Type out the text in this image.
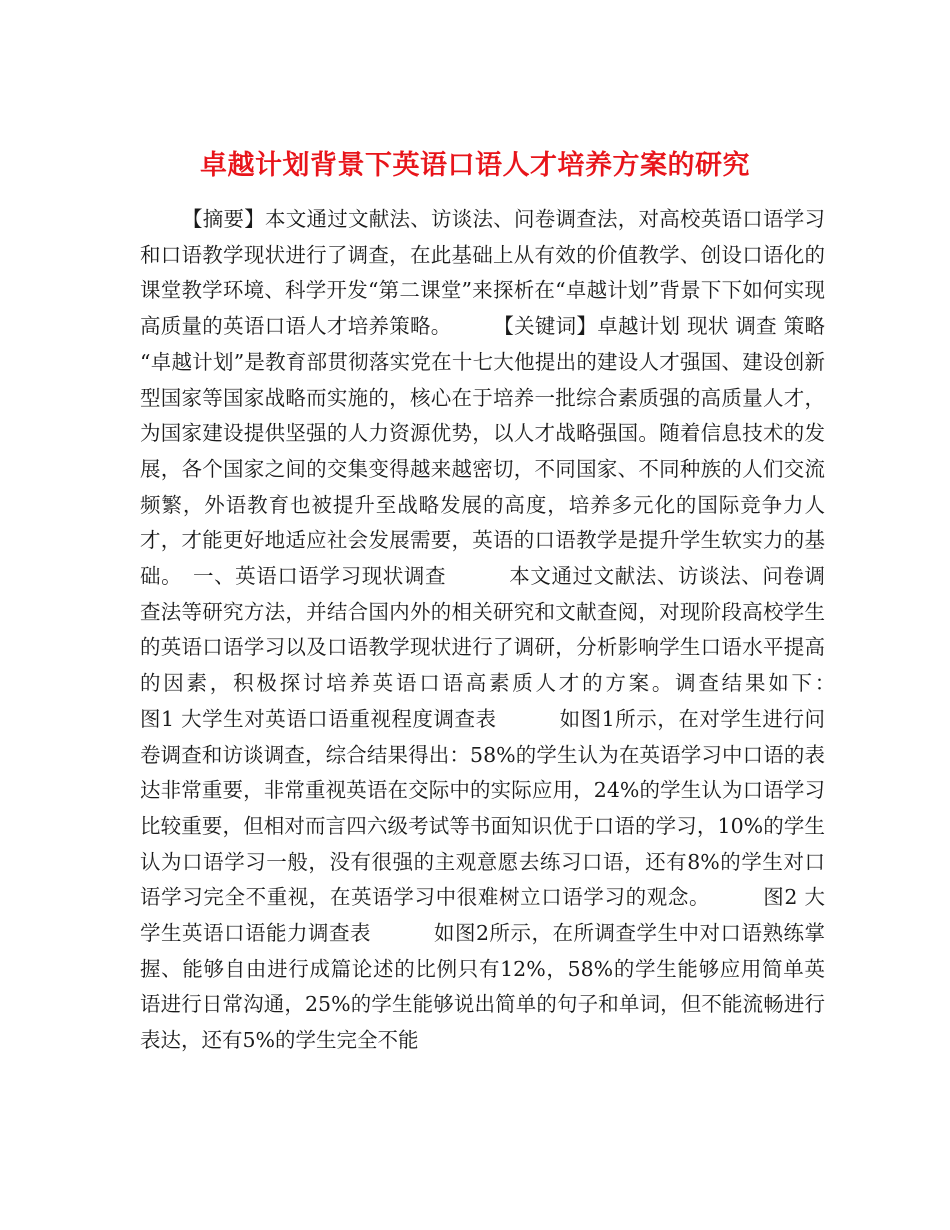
卓越计划背景下英语口语人才培养方案的研究

【摘要】本文通过文献法、访谈法、问卷调查法，对高校英语口语学习和口语教学现状进行了调查，在此基础上从有效的价值教学、创设口语化的课堂教学环境、科学开发“第二课堂”来探析在“卓越计划”背景下下如何实现高质量的英语口语人才培养策略。　　　【关键词】卓越计划 现状 调查 策略　　　“卓越计划”是教育部贯彻落实党在十七大他提出的建设人才强国、建设创新型国家等国家战略而实施的，核心在于培养一批综合素质强的高质量人才，为国家建设提供坚强的人力资源优势，以人才战略强国。随着信息技术的发展，各个国家之间的交集变得越来越密切，不同国家、不同种族的人们交流频繁，外语教育也被提升至战略发展的高度，培养多元化的国际竞争力人才，才能更好地适应社会发展需要，英语的口语教学是提升学生软实力的基础。　一、英语口语学习现状调查　　　本文通过文献法、访谈法、问卷调查法等研究方法，并结合国内外的相关研究和文献查阅，对现阶段高校学生的英语口语学习以及口语教学现状进行了调研，分析影响学生口语水平提高的因素，积极探讨培养英语口语高素质人才的方案。调查结果如下：　　　图1 大学生对英语口语重视程度调查表　　　如图1所示，在对学生进行问卷调查和访谈调查，综合结果得出：58%的学生认为在英语学习中口语的表达非常重要，非常重视英语在交际中的实际应用，24%的学生认为口语学习比较重要，但相对而言四六级考试等书面知识优于口语的学习，10%的学生认为口语学习一般，没有很强的主观意愿去练习口语，还有8%的学生对口语学习完全不重视，在英语学习中很难树立口语学习的观念。　　　图2 大学生英语口语能力调查表　　　如图2所示，在所调查学生中对口语熟练掌握、能够自由进行成篇论述的比例只有12%，58%的学生能够应用简单英语进行日常沟通，25%的学生能够说出简单的句子和单词，但不能流畅进行表达，还有5%的学生完全不能
